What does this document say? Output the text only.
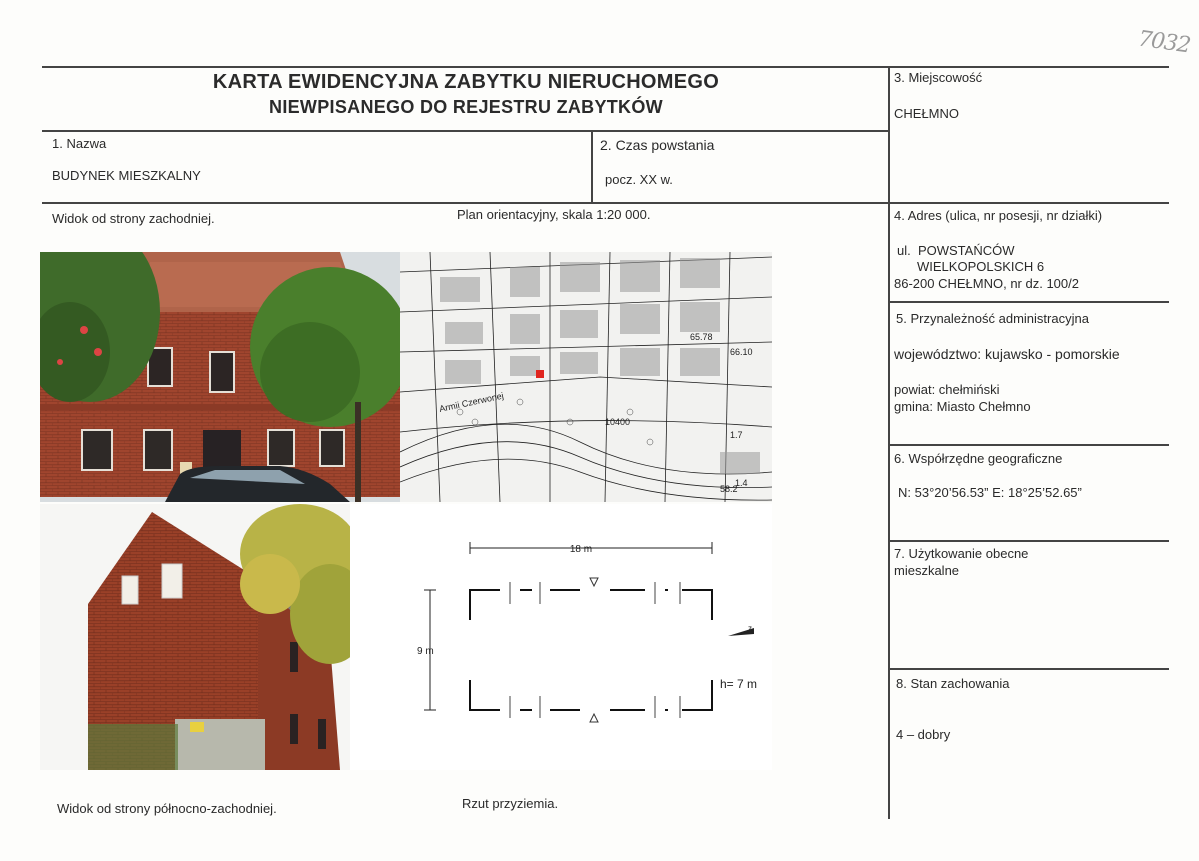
7032
KARTA EWIDENCYJNA ZABYTKU NIERUCHOMEGO
NIEWPISANEGO DO REJESTRU ZABYTKÓW
1. Nazwa
BUDYNEK MIESZKALNY
2. Czas powstania
pocz. XX w.
3. Miejscowość
CHEŁMNO
4. Adres (ulica, nr posesji, nr działki)
ul.  POWSTAŃCÓW
WIELKOPOLSKICH 6
86-200 CHEŁMNO, nr dz. 100/2
5. Przynależność administracyjna
województwo: kujawsko - pomorskie
powiat: chełmiński
gmina: Miasto Chełmno
6. Współrzędne geograficzne
N: 53°20’56.53” E: 18°25’52.65”
7. Użytkowanie obecne
mieszkalne
8. Stan zachowania
4 – dobry
Widok od strony zachodniej.	Plan orientacyjny, skala 1:20 000.
Widok od strony północno-zachodniej.	Rzut przyziemia.
Armii Czerwonej
65.78
66.10
10400
58.2
1.7
1.4
18 m
9 m
h= 7 m
z
